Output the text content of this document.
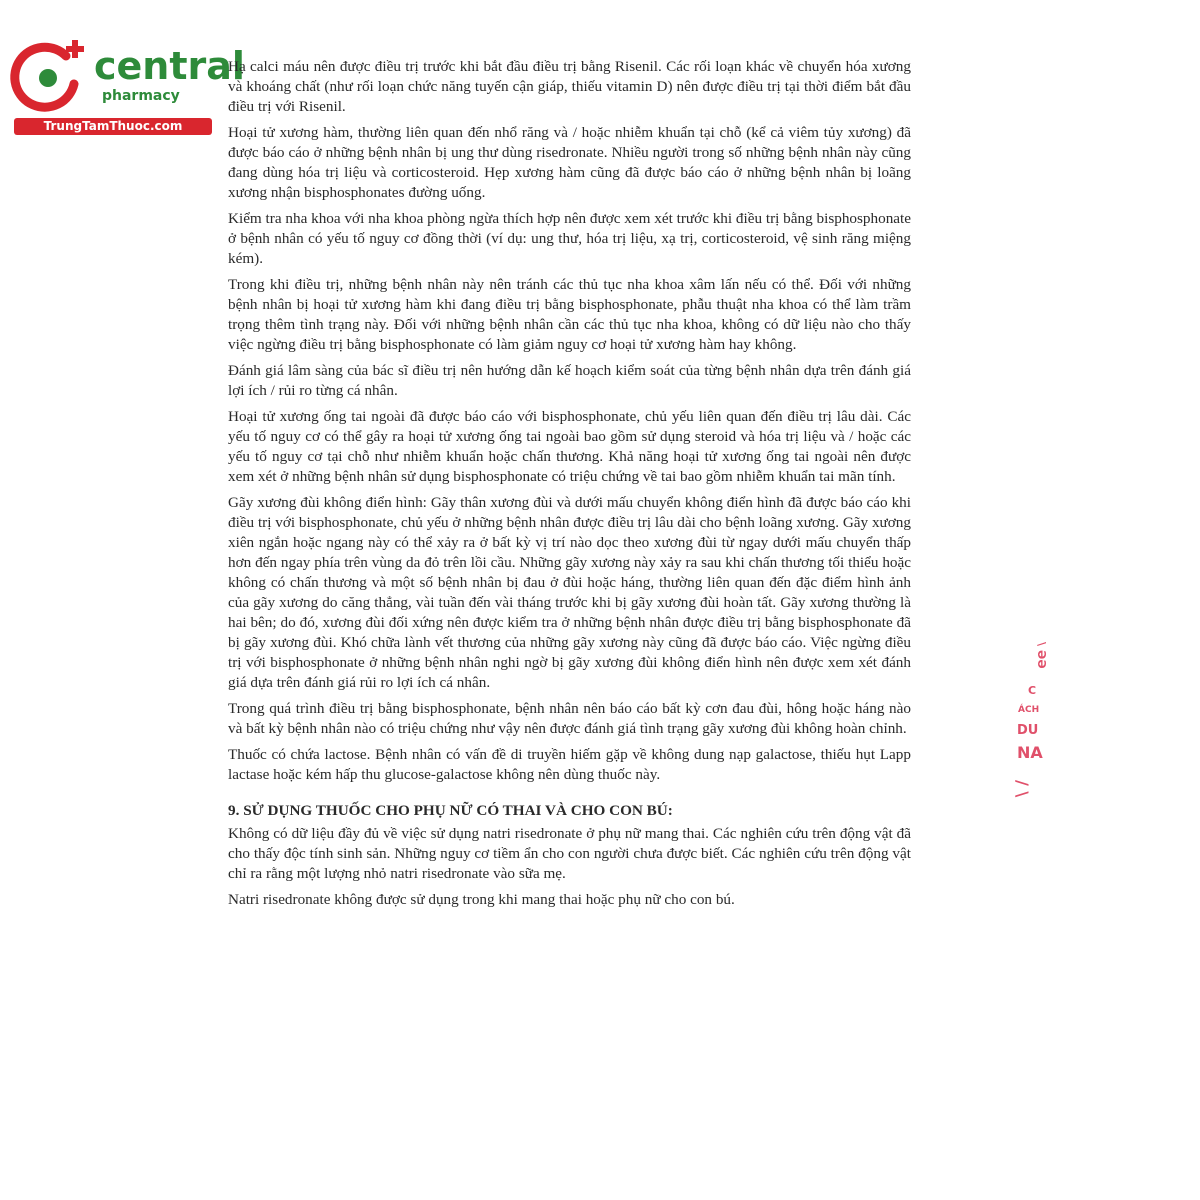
central
pharmacy
TrungTamThuoc.com

Hạ calci máu nên được điều trị trước khi bắt đầu điều trị bằng Risenil. Các rối loạn khác về chuyển hóa xương và khoáng chất (như rối loạn chức năng tuyến cận giáp, thiếu vitamin D) nên được điều trị tại thời điểm bắt đầu điều trị với Risenil.

Hoại tử xương hàm, thường liên quan đến nhổ răng và / hoặc nhiễm khuẩn tại chỗ (kể cả viêm tủy xương) đã được báo cáo ở những bệnh nhân bị ung thư dùng risedronate. Nhiều người trong số những bệnh nhân này cũng đang dùng hóa trị liệu và corticosteroid. Hẹp xương hàm cũng đã được báo cáo ở những bệnh nhân bị loãng xương nhận bisphosphonates đường uống.

Kiểm tra nha khoa với nha khoa phòng ngừa thích hợp nên được xem xét trước khi điều trị bằng bisphosphonate ở bệnh nhân có yếu tố nguy cơ đồng thời (ví dụ: ung thư, hóa trị liệu, xạ trị, corticosteroid, vệ sinh răng miệng kém).

Trong khi điều trị, những bệnh nhân này nên tránh các thủ tục nha khoa xâm lấn nếu có thể. Đối với những bệnh nhân bị hoại tử xương hàm khi đang điều trị bằng bisphosphonate, phẫu thuật nha khoa có thể làm trầm trọng thêm tình trạng này. Đối với những bệnh nhân cần các thủ tục nha khoa, không có dữ liệu nào cho thấy việc ngừng điều trị bằng bisphosphonate có làm giảm nguy cơ hoại tử xương hàm hay không.

Đánh giá lâm sàng của bác sĩ điều trị nên hướng dẫn kế hoạch kiểm soát của từng bệnh nhân dựa trên đánh giá lợi ích / rủi ro từng cá nhân.

Hoại tử xương ống tai ngoài đã được báo cáo với bisphosphonate, chủ yếu liên quan đến điều trị lâu dài. Các yếu tố nguy cơ có thể gây ra hoại tử xương ống tai ngoài bao gồm sử dụng steroid và hóa trị liệu và / hoặc các yếu tố nguy cơ tại chỗ như nhiễm khuẩn hoặc chấn thương. Khả năng hoại tử xương ống tai ngoài nên được xem xét ở những bệnh nhân sử dụng bisphosphonate có triệu chứng về tai bao gồm nhiễm khuẩn tai mãn tính.

Gãy xương đùi không điển hình: Gãy thân xương đùi và dưới mấu chuyển không điển hình đã được báo cáo khi điều trị với bisphosphonate, chủ yếu ở những bệnh nhân được điều trị lâu dài cho bệnh loãng xương. Gãy xương xiên ngắn hoặc ngang này có thể xảy ra ở bất kỳ vị trí nào dọc theo xương đùi từ ngay dưới mấu chuyển thấp hơn đến ngay phía trên vùng da đỏ trên lồi cầu. Những gãy xương này xảy ra sau khi chấn thương tối thiểu hoặc không có chấn thương và một số bệnh nhân bị đau ở đùi hoặc háng, thường liên quan đến đặc điểm hình ảnh của gãy xương do căng thẳng, vài tuần đến vài tháng trước khi bị gãy xương đùi hoàn tất. Gãy xương thường là hai bên; do đó, xương đùi đối xứng nên được kiểm tra ở những bệnh nhân được điều trị bằng bisphosphonate đã bị gãy xương đùi. Khó chữa lành vết thương của những gãy xương này cũng đã được báo cáo. Việc ngừng điều trị với bisphosphonate ở những bệnh nhân nghi ngờ bị gãy xương đùi không điển hình nên được xem xét đánh giá dựa trên đánh giá rủi ro lợi ích cá nhân.

Trong quá trình điều trị bằng bisphosphonate, bệnh nhân nên báo cáo bất kỳ cơn đau đùi, hông hoặc háng nào và bất kỳ bệnh nhân nào có triệu chứng như vậy nên được đánh giá tình trạng gãy xương đùi không hoàn chỉnh.

Thuốc có chứa lactose. Bệnh nhân có vấn đề di truyền hiếm gặp về không dung nạp galactose, thiếu hụt Lapp lactase hoặc kém hấp thu glucose-galactose không nên dùng thuốc này.

9. SỬ DỤNG THUỐC CHO PHỤ NỮ CÓ THAI VÀ CHO CON BÚ:

Không có dữ liệu đầy đủ về việc sử dụng natri risedronate ở phụ nữ mang thai. Các nghiên cứu trên động vật đã cho thấy độc tính sinh sản. Những nguy cơ tiềm ẩn cho con người chưa được biết. Các nghiên cứu trên động vật chỉ ra rằng một lượng nhỏ natri risedronate vào sữa mẹ.

Natri risedronate không được sử dụng trong khi mang thai hoặc phụ nữ cho con bú.

\ ƏƏ
C
ÁCH
DU
NA
/ \
